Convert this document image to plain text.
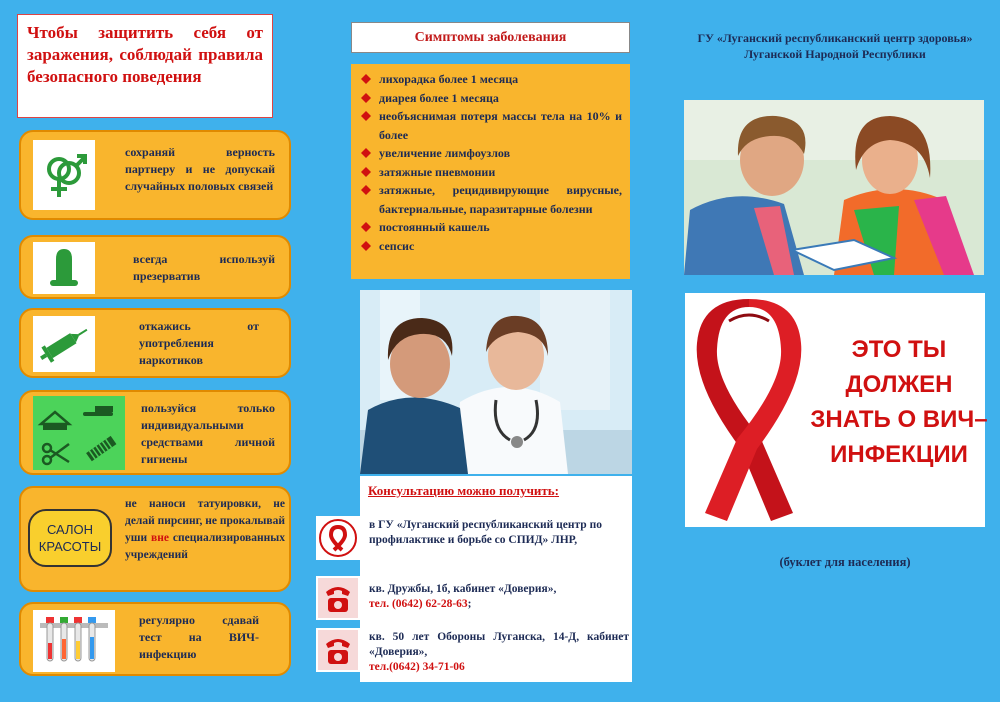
Чтобы защитить себя от заражения, соблюдай правила безопасного поведения
сохраняй верность партнеру и не допускай случайных половых связей
всегда используй презерватив
откажись от употребления наркотиков
пользуйся только индивидуальными средствами личной гигиены
САЛОН КРАСОТЫ
не наноси татуировки, не делай пирсинг, не прокалывай уши вне специализированных учреждений
регулярно сдавай тест на ВИЧ-инфекцию
Симптомы заболевания
лихорадка более 1 месяца
диарея более 1 месяца
необъяснимая потеря массы тела на 10% и более
увеличение лимфоузлов
затяжные пневмонии
затяжные, рецидивирующие вирусные, бактериальные, паразитарные болезни
постоянный кашель
сепсис
Консультацию можно получить:
в ГУ «Луганский республиканский центр по профилактике и борьбе со СПИД» ЛНР,
кв. Дружбы, 1б, кабинет «Доверия»,
тел. (0642) 62-28-63;
кв. 50 лет Обороны Луганска, 14-Д, кабинет «Доверия»,
тел.(0642) 34-71-06
ГУ «Луганский республиканский центр здоровья» Луганской Народной Республики
ЭТО ТЫ ДОЛЖЕН ЗНАТЬ О ВИЧ–ИНФЕКЦИИ
(буклет для населения)
